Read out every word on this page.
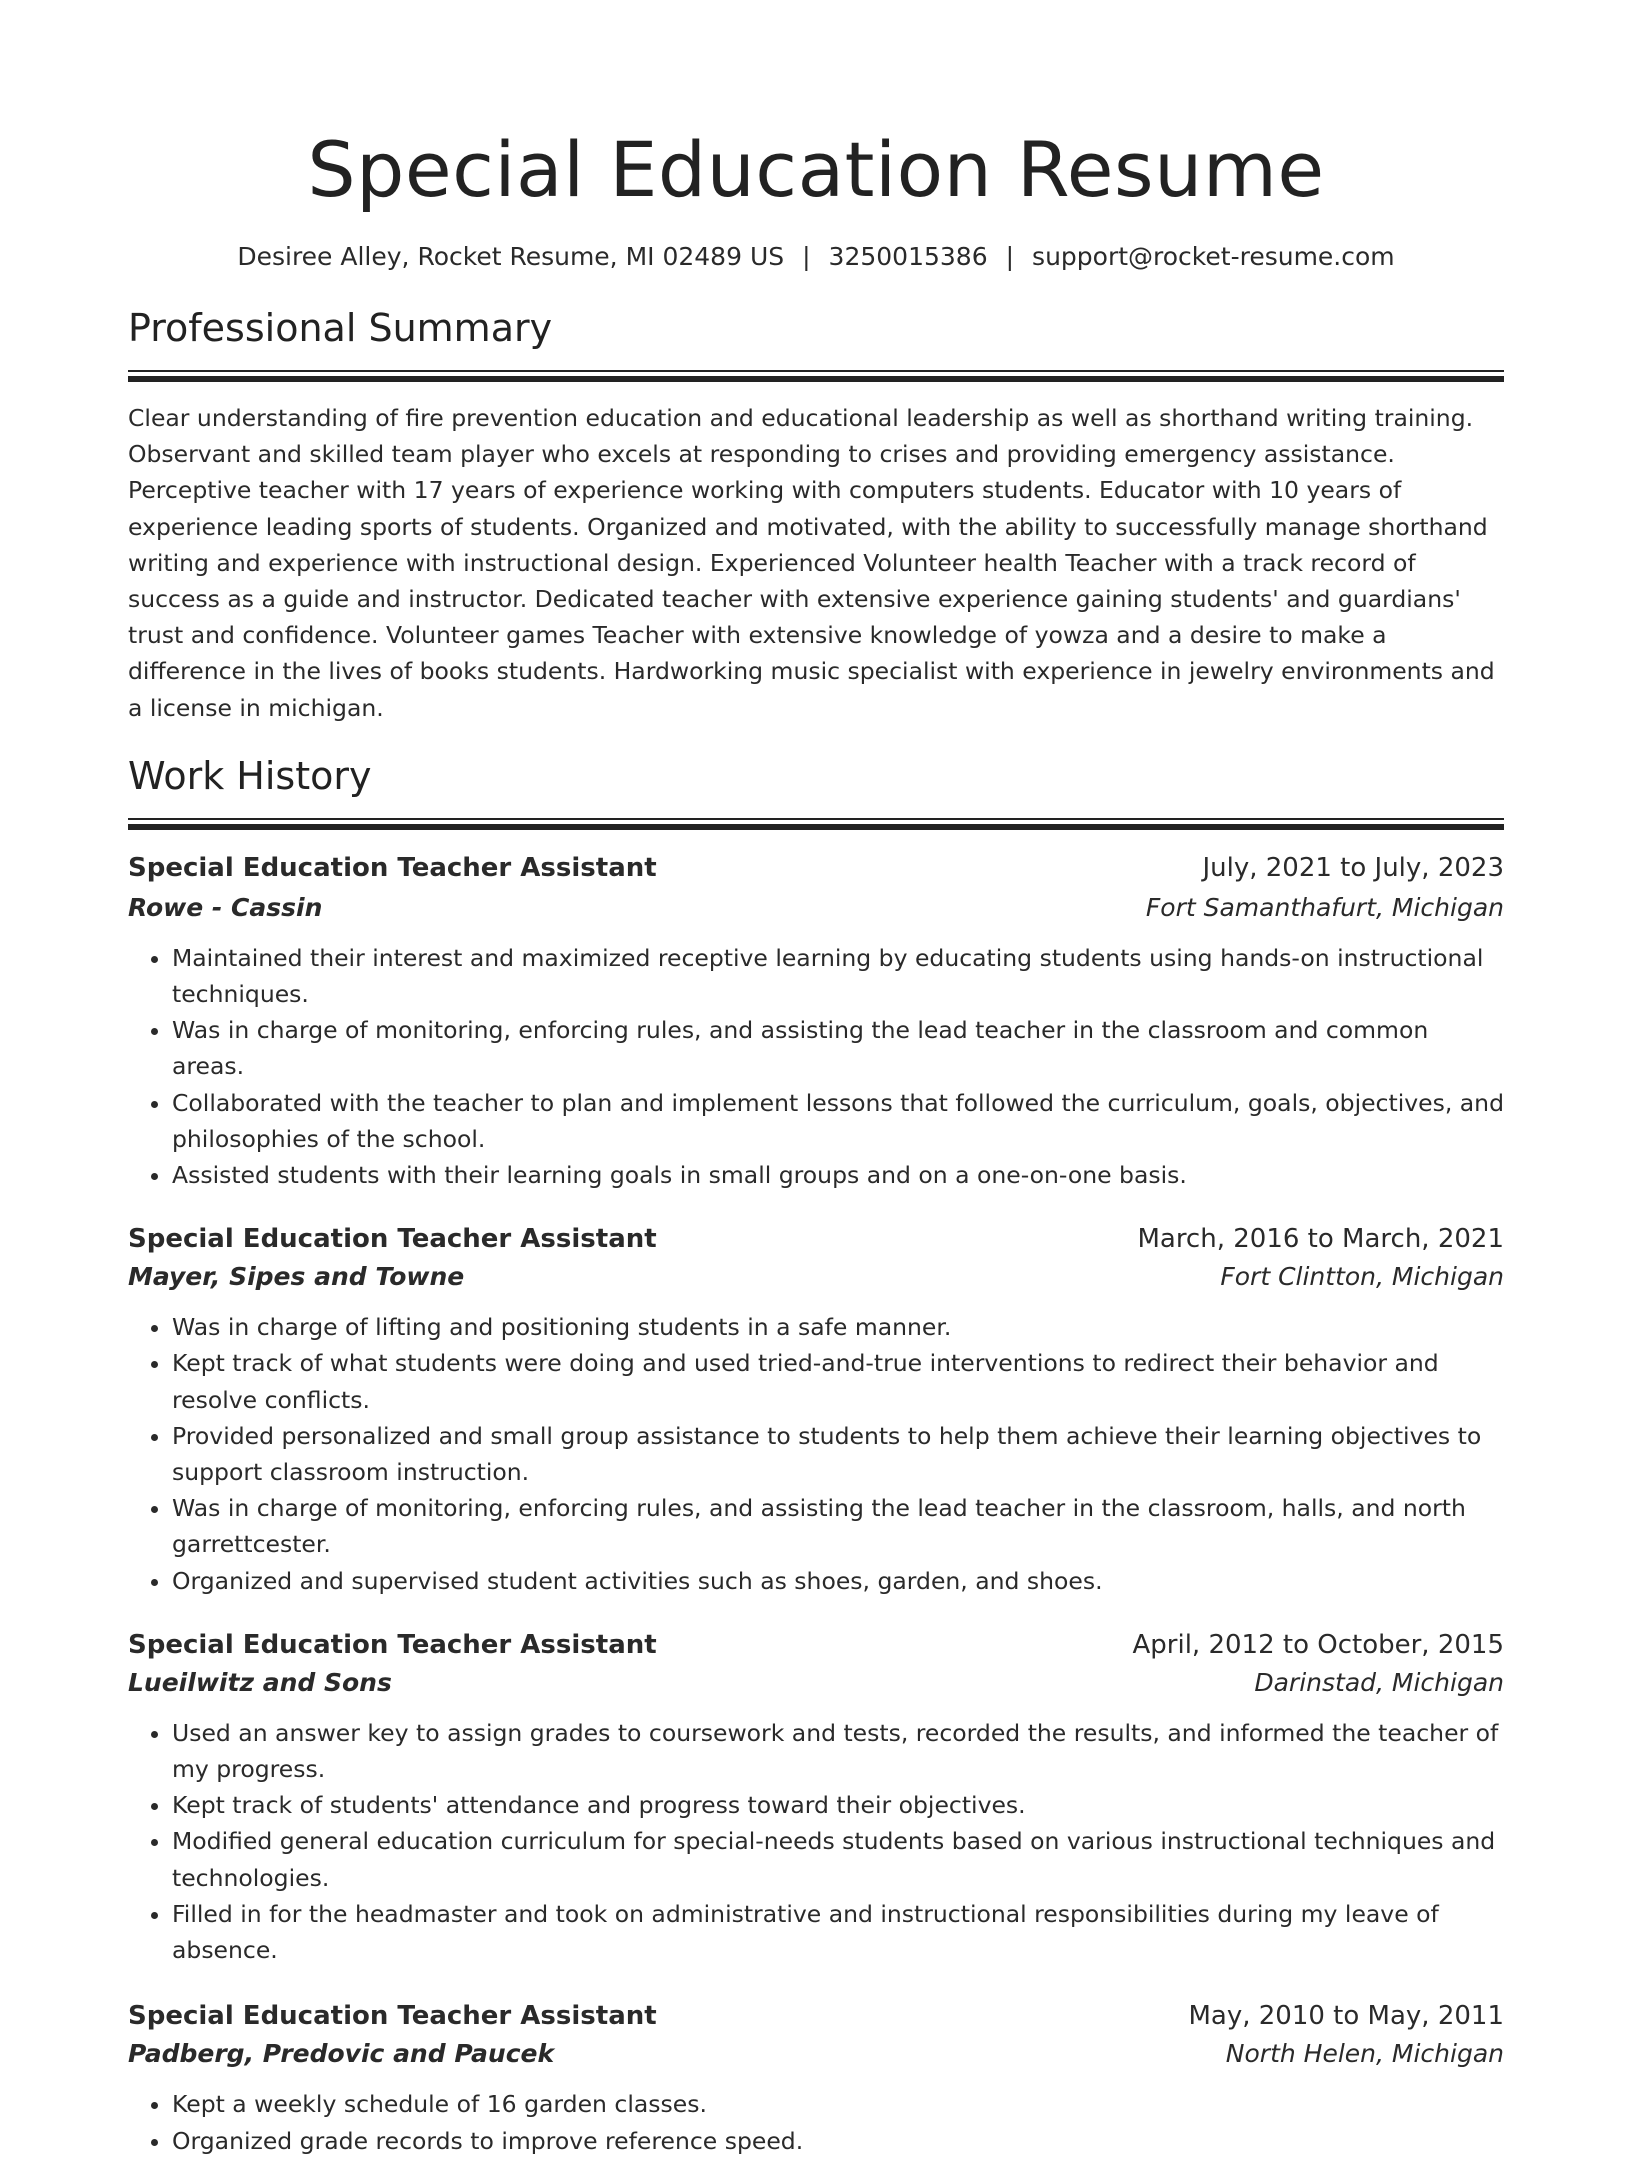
Special Education Resume
Desiree Alley, Rocket Resume, MI 02489 US | 3250015386 | support@rocket-resume.com
Professional Summary

Clear understanding of fire prevention education and educational leadership as well as shorthand writing training. Observant and skilled team player who excels at responding to crises and providing emergency assistance. Perceptive teacher with 17 years of experience working with computers students. Educator with 10 years of experience leading sports of students. Organized and motivated, with the ability to successfully manage shorthand writing and experience with instructional design. Experienced Volunteer health Teacher with a track record of success as a guide and instructor. Dedicated teacher with extensive experience gaining students' and guardians' trust and confidence. Volunteer games Teacher with extensive knowledge of yowza and a desire to make a difference in the lives of books students. Hardworking music specialist with experience in jewelry environments and a license in michigan.

Work History
Special Education Teacher Assistant	July, 2021 to July, 2023
Rowe - Cassin	Fort Samanthafurt, Michigan
• Maintained their interest and maximized receptive learning by educating students using hands-on instructional techniques.
• Was in charge of monitoring, enforcing rules, and assisting the lead teacher in the classroom and common areas.
• Collaborated with the teacher to plan and implement lessons that followed the curriculum, goals, objectives, and philosophies of the school.
• Assisted students with their learning goals in small groups and on a one-on-one basis.
Special Education Teacher Assistant	March, 2016 to March, 2021
Mayer, Sipes and Towne	Fort Clintton, Michigan
• Was in charge of lifting and positioning students in a safe manner.
• Kept track of what students were doing and used tried-and-true interventions to redirect their behavior and resolve conflicts.
• Provided personalized and small group assistance to students to help them achieve their learning objectives to support classroom instruction.
• Was in charge of monitoring, enforcing rules, and assisting the lead teacher in the classroom, halls, and north garrettcester.
• Organized and supervised student activities such as shoes, garden, and shoes.
Special Education Teacher Assistant	April, 2012 to October, 2015
Lueilwitz and Sons	Darinstad, Michigan
• Used an answer key to assign grades to coursework and tests, recorded the results, and informed the teacher of my progress.
• Kept track of students' attendance and progress toward their objectives.
• Modified general education curriculum for special-needs students based on various instructional techniques and technologies.
• Filled in for the headmaster and took on administrative and instructional responsibilities during my leave of absence.
Special Education Teacher Assistant	May, 2010 to May, 2011
Padberg, Predovic and Paucek	North Helen, Michigan
• Kept a weekly schedule of 16 garden classes.
• Organized grade records to improve reference speed.
